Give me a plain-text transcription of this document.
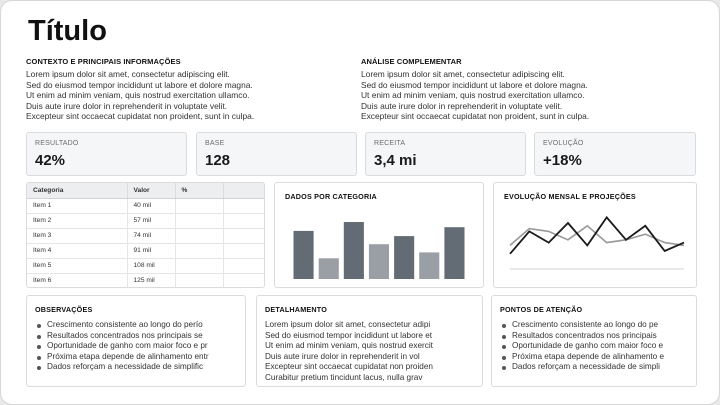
Título
CONTEXTO E PRINCIPAIS INFORMAÇÕES

Lorem ipsum dolor sit amet, consectetur adipiscing elit.

Sed do eiusmod tempor incididunt ut labore et dolore magna.

Ut enim ad minim veniam, quis nostrud exercitation ullamco.

Duis aute irure dolor in reprehenderit in voluptate velit.

Excepteur sint occaecat cupidatat non proident, sunt in culpa.

ANÁLISE COMPLEMENTAR

Lorem ipsum dolor sit amet, consectetur adipiscing elit.

Sed do eiusmod tempor incididunt ut labore et dolore magna.

Ut enim ad minim veniam, quis nostrud exercitation ullamco.

Duis aute irure dolor in reprehenderit in voluptate velit.

Excepteur sint occaecat cupidatat non proident, sunt in culpa.

RESULTADO
42%
BASE
128
RECEITA
3,4 mi
EVOLUÇÃO
+18%
Categoria	Valor	%	
Item 1	40 mil		
Item 2	57 mil		
Item 3	74 mil		
Item 4	91 mil		
Item 5	108 mil		
Item 6	125 mil		
DADOS POR CATEGORIA	EVOLUÇÃO MENSAL E PROJEÇÕES
OBSERVAÇÕES
Crescimento consistente ao longo do perío
Resultados concentrados nos principais se
Oportunidade de ganho com maior foco e pr
Próxima etapa depende de alinhamento entr
Dados reforçam a necessidade de simplific
DETALHAMENTO

Lorem ipsum dolor sit amet, consectetur adipi

Sed do eiusmod tempor incididunt ut labore et

Ut enim ad minim veniam, quis nostrud exercit

Duis aute irure dolor in reprehenderit in vol

Excepteur sint occaecat cupidatat non proiden

Curabitur pretium tincidunt lacus, nulla grav

PONTOS DE ATENÇÃO
Crescimento consistente ao longo do pe
Resultados concentrados nos principais
Oportunidade de ganho com maior foco e
Próxima etapa depende de alinhamento e
Dados reforçam a necessidade de simpli
